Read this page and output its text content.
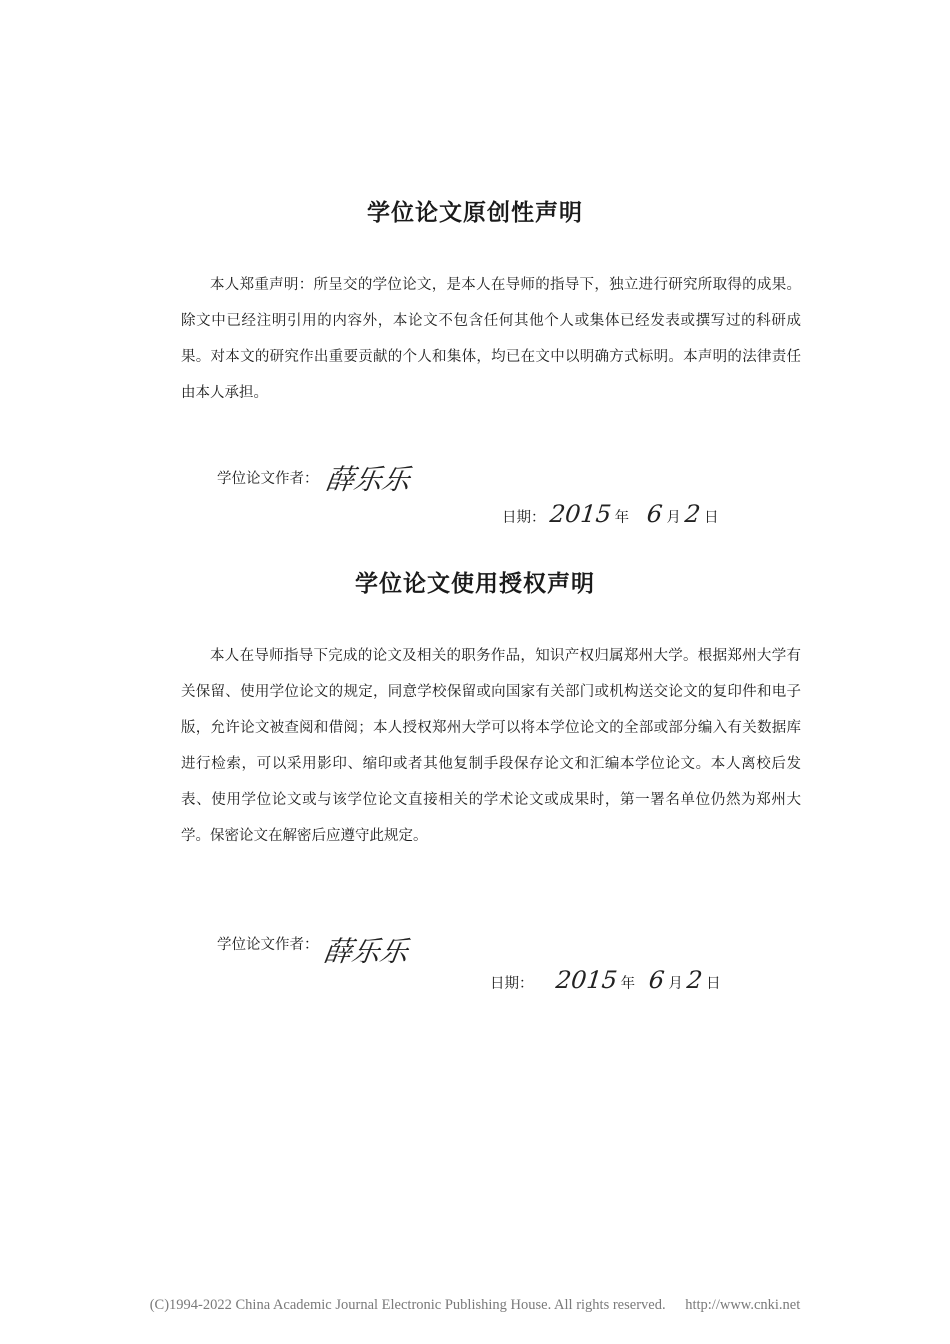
学位论文原创性声明

本人郑重声明：所呈交的学位论文，是本人在导师的指导下，独立进行研究所取得的成果。除文中已经注明引用的内容外，本论文不包含任何其他个人或集体已经发表或撰写过的科研成果。对本文的研究作出重要贡献的个人和集体，均已在文中以明确方式标明。本声明的法律责任由本人承担。

学位论文作者： 薛乐乐
日期： 2015 年 6 月 2 日
学位论文使用授权声明

本人在导师指导下完成的论文及相关的职务作品，知识产权归属郑州大学。根据郑州大学有关保留、使用学位论文的规定，同意学校保留或向国家有关部门或机构送交论文的复印件和电子版，允许论文被查阅和借阅；本人授权郑州大学可以将本学位论文的全部或部分编入有关数据库进行检索，可以采用影印、缩印或者其他复制手段保存论文和汇编本学位论文。本人离校后发表、使用学位论文或与该学位论文直接相关的学术论文或成果时，第一署名单位仍然为郑州大学。保密论文在解密后应遵守此规定。

学位论文作者： 薛乐乐
日期： 2015 年 6 月 2 日
(C)1994-2022 China Academic Journal Electronic Publishing House. All rights reserved. http://www.cnki.net
